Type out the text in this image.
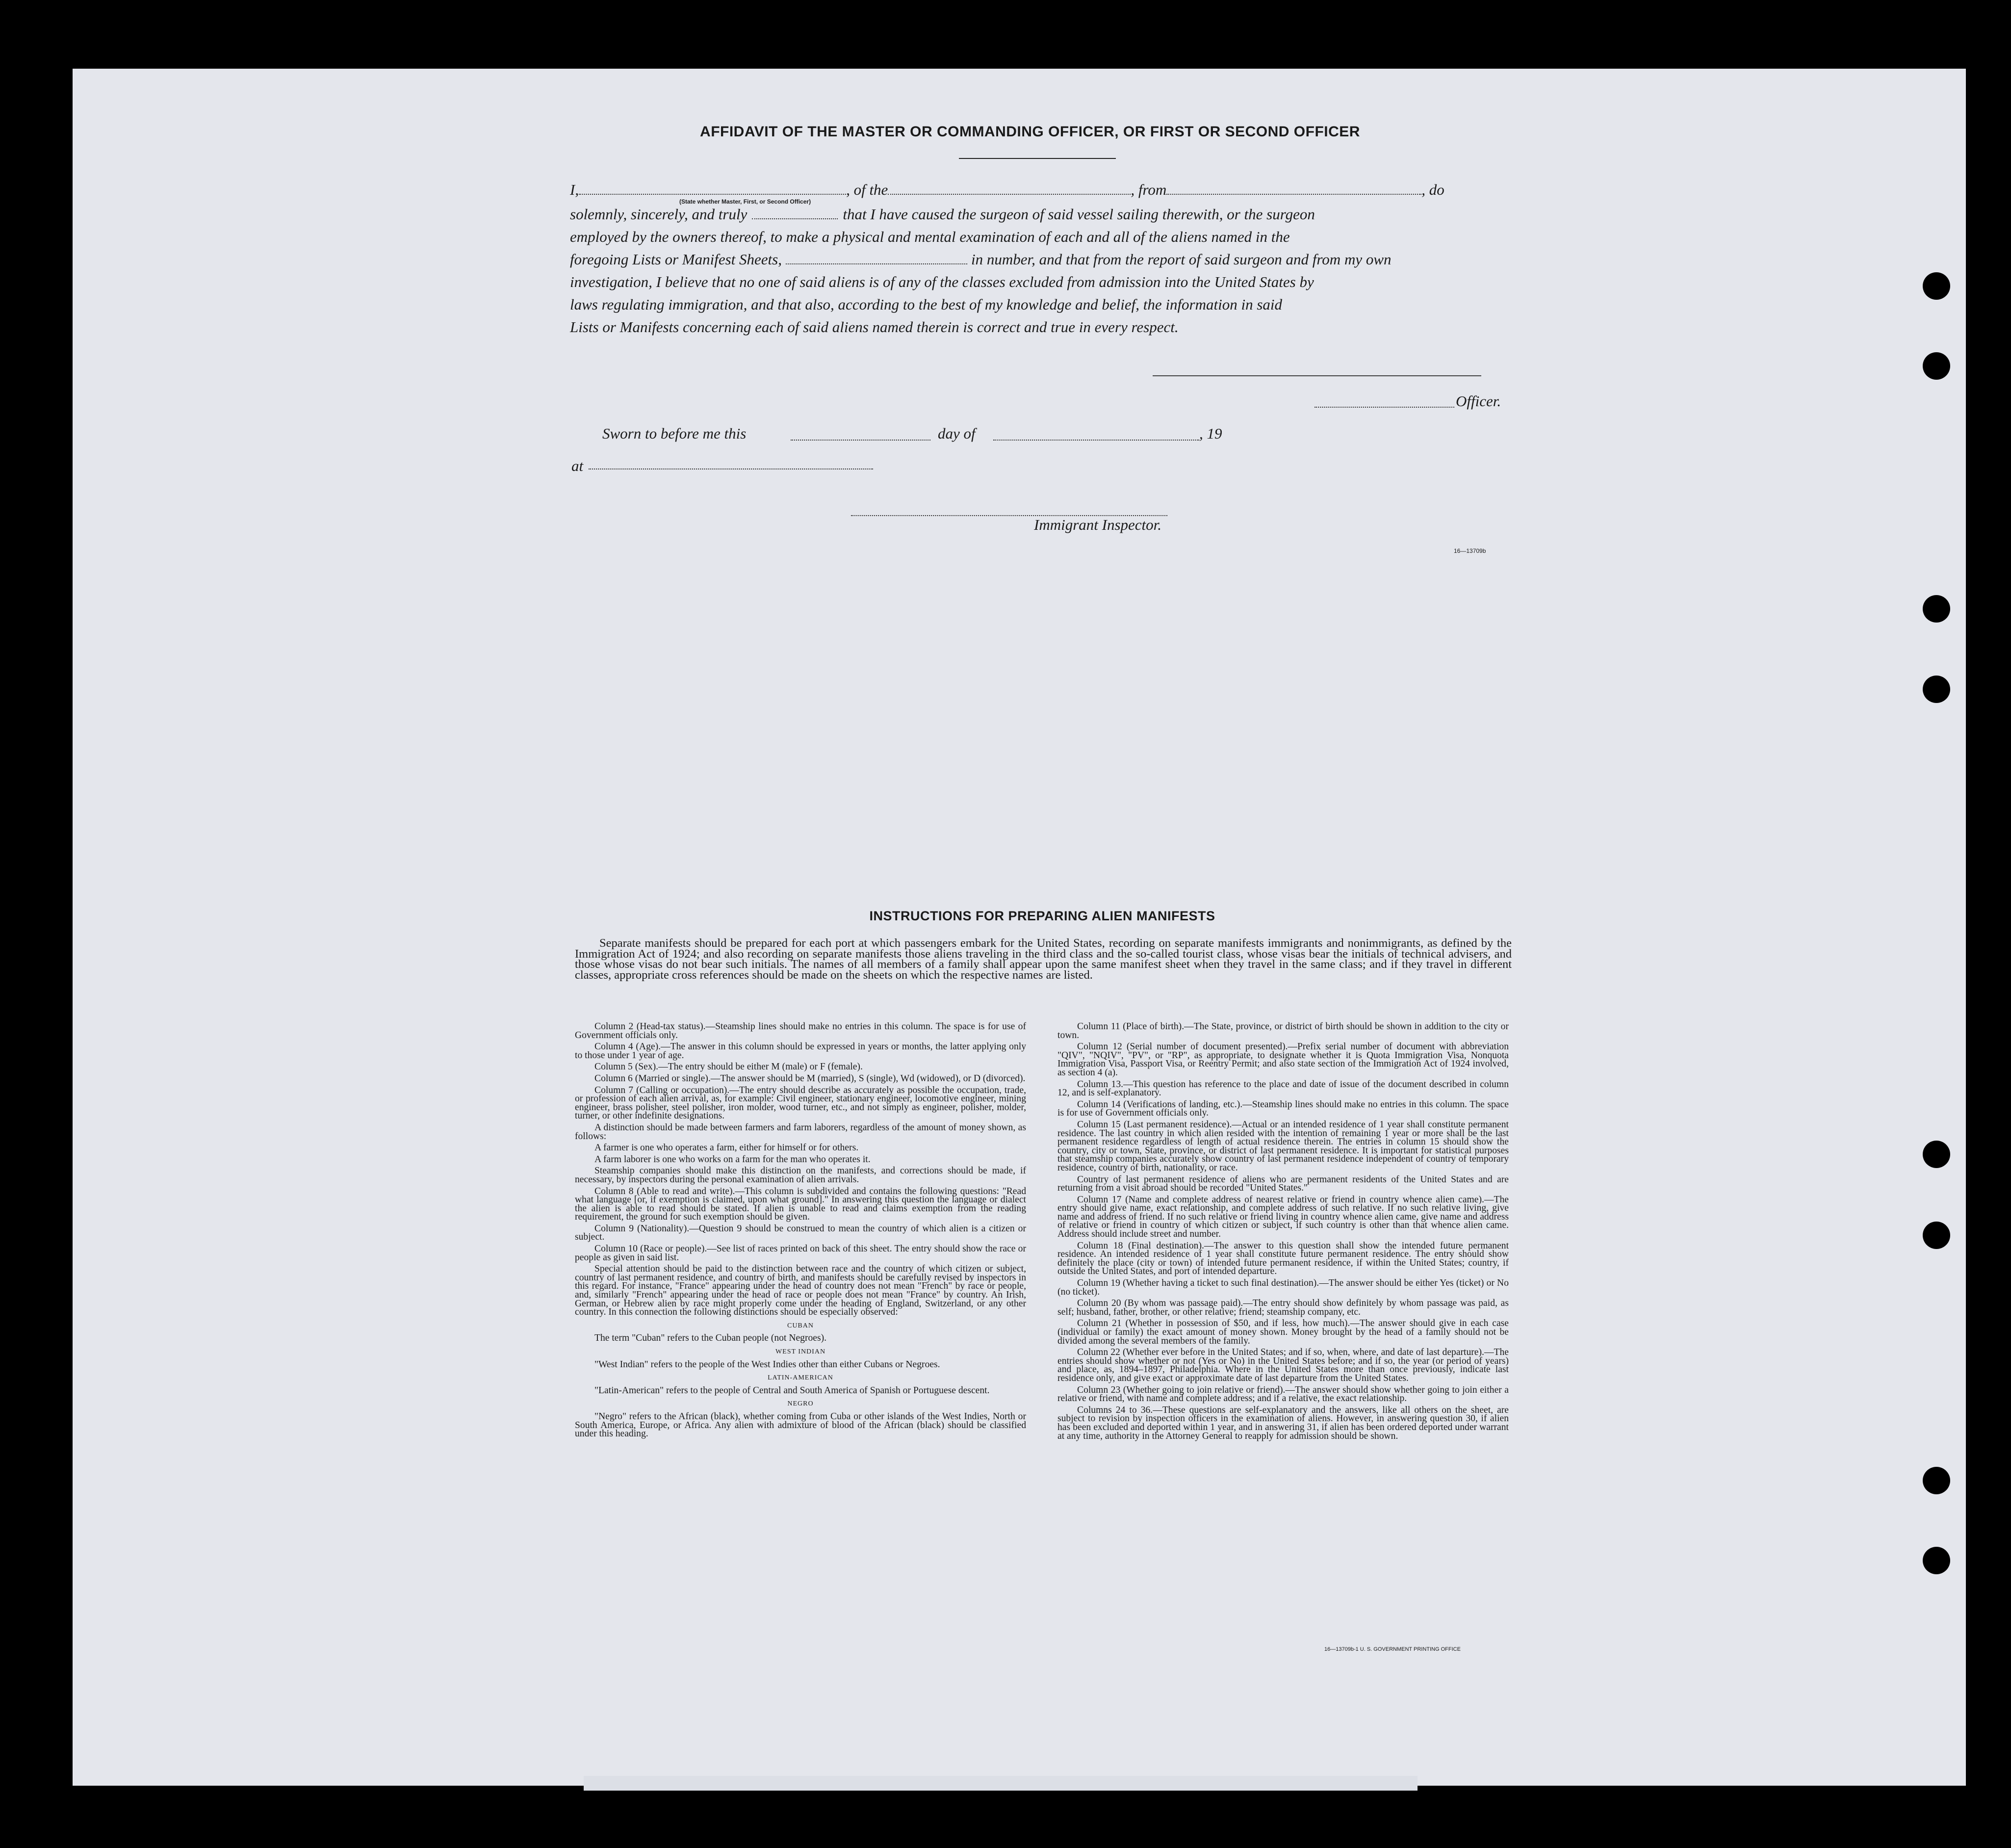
AFFIDAVIT OF THE MASTER OR COMMANDING OFFICER, OR FIRST OR SECOND OFFICER
I,	, of the	, from	, do
(State whether Master, First, or Second Officer)
solemnly, sincerely, and truly	that I have caused the surgeon of said vessel sailing therewith, or the surgeon
employed by the owners thereof, to make a physical and mental examination of each and all of the aliens named in the
foregoing Lists or Manifest Sheets,	in number, and that from the report of said surgeon and from my own
investigation, I believe that no one of said aliens is of any of the classes excluded from admission into the United States by
laws regulating immigration, and that also, according to the best of my knowledge and belief, the information in said
Lists or Manifests concerning each of said aliens named therein is correct and true in every respect.
Officer.
Sworn to before me this	day of	, 19
at
Immigrant Inspector.
16—13709b
INSTRUCTIONS FOR PREPARING ALIEN MANIFESTS
Separate manifests should be prepared for each port at which passengers embark for the United States, recording on separate manifests immigrants and nonimmigrants, as defined by the Immigration Act of 1924; and also recording on separate manifests those aliens traveling in the third class and the so-called tourist class, whose visas bear the initials of technical advisers, and those whose visas do not bear such initials. The names of all members of a family shall appear upon the same manifest sheet when they travel in the same class; and if they travel in different classes, appropriate cross references should be made on the sheets on which the respective names are listed.

Column 2 (Head-tax status).—Steamship lines should make no entries in this column. The space is for use of Government officials only.

Column 4 (Age).—The answer in this column should be expressed in years or months, the latter applying only to those under 1 year of age.

Column 5 (Sex).—The entry should be either M (male) or F (female).

Column 6 (Married or single).—The answer should be M (married), S (single), Wd (widowed), or D (divorced).

Column 7 (Calling or occupation).—The entry should describe as accurately as possible the occupation, trade, or profession of each alien arrival, as, for example: Civil engineer, stationary engineer, locomotive engineer, mining engineer, brass polisher, steel polisher, iron molder, wood turner, etc., and not simply as engineer, polisher, molder, turner, or other indefinite designations.

A distinction should be made between farmers and farm laborers, regardless of the amount of money shown, as follows:

A farmer is one who operates a farm, either for himself or for others.

A farm laborer is one who works on a farm for the man who operates it.

Steamship companies should make this distinction on the manifests, and corrections should be made, if necessary, by inspectors during the personal examination of alien arrivals.

Column 8 (Able to read and write).—This column is subdivided and contains the following questions: "Read what language [or, if exemption is claimed, upon what ground]." In answering this question the language or dialect the alien is able to read should be stated. If alien is unable to read and claims exemption from the reading requirement, the ground for such exemption should be given.

Column 9 (Nationality).—Question 9 should be construed to mean the country of which alien is a citizen or subject.

Column 10 (Race or people).—See list of races printed on back of this sheet. The entry should show the race or people as given in said list.

Special attention should be paid to the distinction between race and the country of which citizen or subject, country of last permanent residence, and country of birth, and manifests should be carefully revised by inspectors in this regard. For instance, "France" appearing under the head of country does not mean "French" by race or people, and, similarly "French" appearing under the head of race or people does not mean "France" by country. An Irish, German, or Hebrew alien by race might properly come under the heading of England, Switzerland, or any other country. In this connection the following distinctions should be especially observed:

CUBAN

The term "Cuban" refers to the Cuban people (not Negroes).

WEST INDIAN

"West Indian" refers to the people of the West Indies other than either Cubans or Negroes.

LATIN-AMERICAN

"Latin-American" refers to the people of Central and South America of Spanish or Portuguese descent.

NEGRO

"Negro" refers to the African (black), whether coming from Cuba or other islands of the West Indies, North or South America, Europe, or Africa. Any alien with admixture of blood of the African (black) should be classified under this heading.

Column 11 (Place of birth).—The State, province, or district of birth should be shown in addition to the city or town.

Column 12 (Serial number of document presented).—Prefix serial number of document with abbreviation "QIV", "NQIV", "PV", or "RP", as appropriate, to designate whether it is Quota Immigration Visa, Nonquota Immigration Visa, Passport Visa, or Reentry Permit; and also state section of the Immigration Act of 1924 involved, as section 4 (a).

Column 13.—This question has reference to the place and date of issue of the document described in column 12, and is self-explanatory.

Column 14 (Verifications of landing, etc.).—Steamship lines should make no entries in this column. The space is for use of Government officials only.

Column 15 (Last permanent residence).—Actual or an intended residence of 1 year shall constitute permanent residence. The last country in which alien resided with the intention of remaining 1 year or more shall be the last permanent residence regardless of length of actual residence therein. The entries in column 15 should show the country, city or town, State, province, or district of last permanent residence. It is important for statistical purposes that steamship companies accurately show country of last permanent residence independent of country of temporary residence, country of birth, nationality, or race.

Country of last permanent residence of aliens who are permanent residents of the United States and are returning from a visit abroad should be recorded "United States."

Column 17 (Name and complete address of nearest relative or friend in country whence alien came).—The entry should give name, exact relationship, and complete address of such relative. If no such relative living, give name and address of friend. If no such relative or friend living in country whence alien came, give name and address of relative or friend in country of which citizen or subject, if such country is other than that whence alien came. Address should include street and number.

Column 18 (Final destination).—The answer to this question shall show the intended future permanent residence. An intended residence of 1 year shall constitute future permanent residence. The entry should show definitely the place (city or town) of intended future permanent residence, if within the United States; country, if outside the United States, and port of intended departure.

Column 19 (Whether having a ticket to such final destination).—The answer should be either Yes (ticket) or No (no ticket).

Column 20 (By whom was passage paid).—The entry should show definitely by whom passage was paid, as self; husband, father, brother, or other relative; friend; steamship company, etc.

Column 21 (Whether in possession of $50, and if less, how much).—The answer should give in each case (individual or family) the exact amount of money shown. Money brought by the head of a family should not be divided among the several members of the family.

Column 22 (Whether ever before in the United States; and if so, when, where, and date of last departure).—The entries should show whether or not (Yes or No) in the United States before; and if so, the year (or period of years) and place, as, 1894–1897, Philadelphia. Where in the United States more than once previously, indicate last residence only, and give exact or approximate date of last departure from the United States.

Column 23 (Whether going to join relative or friend).—The answer should show whether going to join either a relative or friend, with name and complete address; and if a relative, the exact relationship.

Columns 24 to 36.—These questions are self-explanatory and the answers, like all others on the sheet, are subject to revision by inspection officers in the examination of aliens. However, in answering question 30, if alien has been excluded and deported within 1 year, and in answering 31, if alien has been ordered deported under warrant at any time, authority in the Attorney General to reapply for admission should be shown.

16—13709b-1 U. S. GOVERNMENT PRINTING OFFICE
